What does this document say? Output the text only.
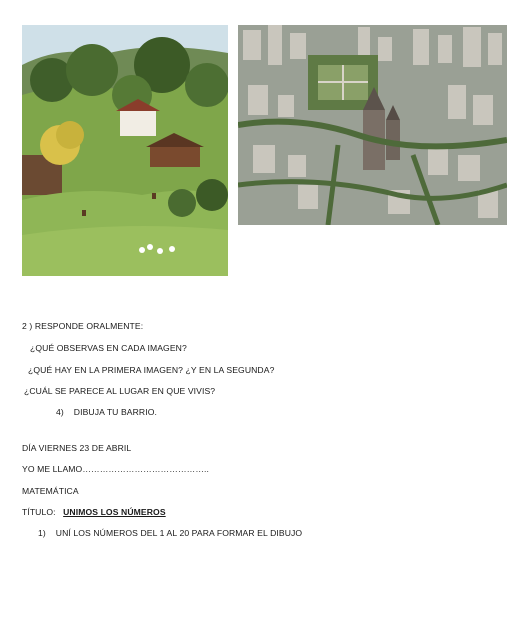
2 ) RESPONDE ORALMENTE:
¿QUÉ OBSERVAS EN CADA IMAGEN?
¿QUÉ HAY EN LA PRIMERA IMAGEN? ¿Y EN LA SEGUNDA?
¿CUÁL SE PARECE AL LUGAR EN QUE VIVIS?
4) DIBUJA TU BARRIO.
DÍA VIERNES 23 DE ABRIL
YO ME LLAMO……………………………………..
MATEMÁTICA
TÍTULO: UNIMOS LOS NÚMEROS
1) UNÍ LOS NÚMEROS DEL 1 AL 20 PARA FORMAR EL DIBUJO
